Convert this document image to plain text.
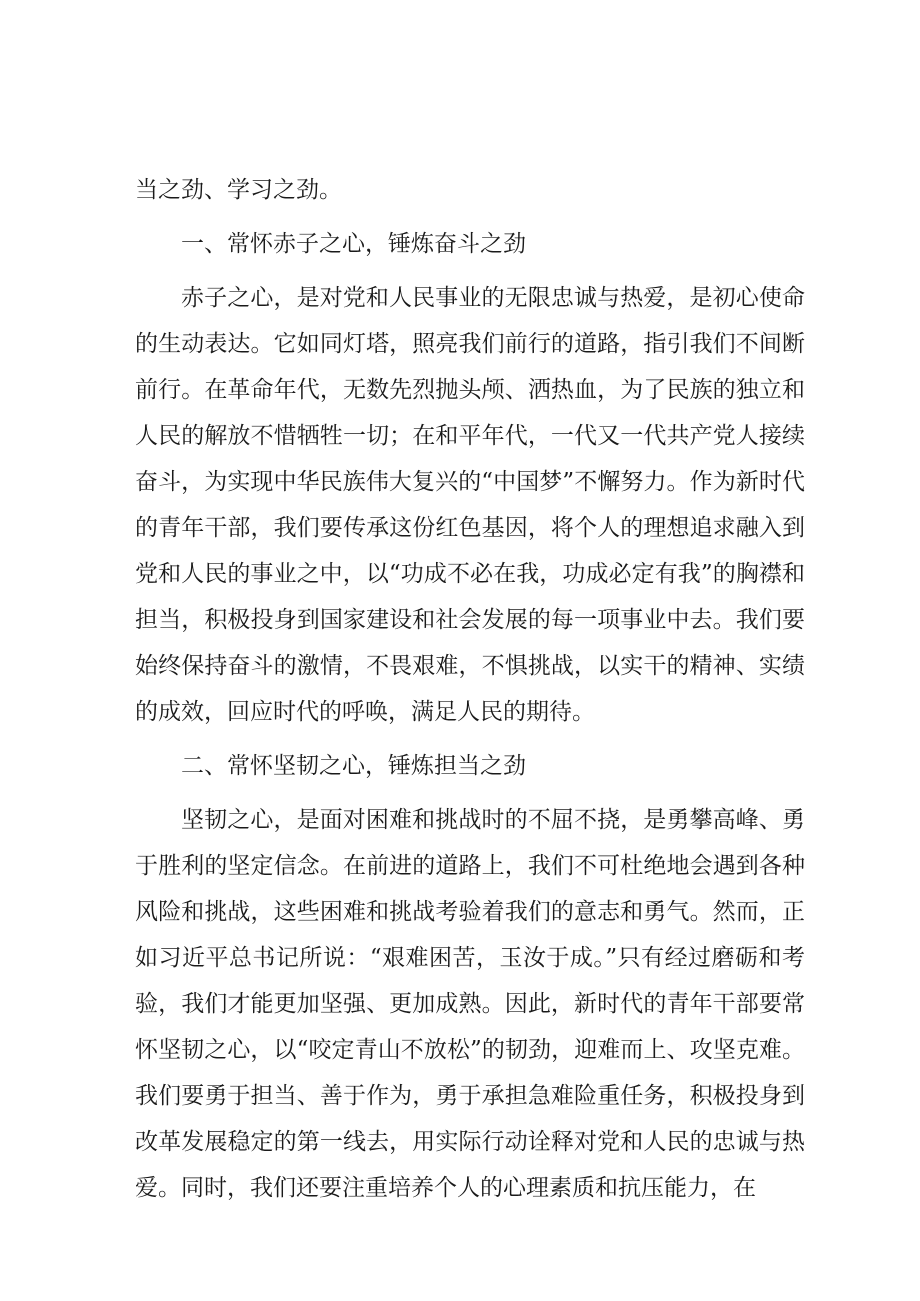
当之劲、学习之劲。

一、常怀赤子之心，锤炼奋斗之劲

赤子之心，是对党和人民事业的无限忠诚与热爱，是初心使命的生动表达。它如同灯塔，照亮我们前行的道路，指引我们不间断前行。在革命年代，无数先烈抛头颅、洒热血，为了民族的独立和人民的解放不惜牺牲一切；在和平年代，一代又一代共产党人接续奋斗，为实现中华民族伟大复兴的“中国梦”不懈努力。作为新时代的青年干部，我们要传承这份红色基因，将个人的理想追求融入到党和人民的事业之中，以“功成不必在我，功成必定有我”的胸襟和担当，积极投身到国家建设和社会发展的每一项事业中去。我们要始终保持奋斗的激情，不畏艰难，不惧挑战，以实干的精神、实绩的成效，回应时代的呼唤，满足人民的期待。

二、常怀坚韧之心，锤炼担当之劲

坚韧之心，是面对困难和挑战时的不屈不挠，是勇攀高峰、勇于胜利的坚定信念。在前进的道路上，我们不可杜绝地会遇到各种风险和挑战，这些困难和挑战考验着我们的意志和勇气。然而，正如习近平总书记所说：“艰难困苦，玉汝于成。”只有经过磨砺和考验，我们才能更加坚强、更加成熟。因此，新时代的青年干部要常怀坚韧之心，以“咬定青山不放松”的韧劲，迎难而上、攻坚克难。我们要勇于担当、善于作为，勇于承担急难险重任务，积极投身到改革发展稳定的第一线去，用实际行动诠释对党和人民的忠诚与热爱。同时，我们还要注重培养个人的心理素质和抗压能力，在
